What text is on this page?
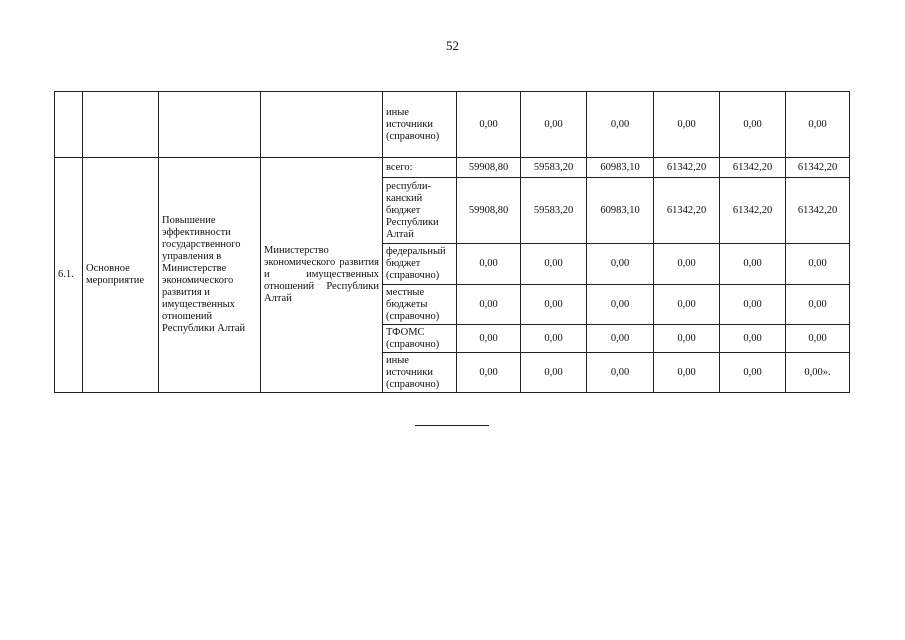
52
				иные источники (справочно)	0,00	0,00	0,00	0,00	0,00	0,00
6.1.	Основное мероприятие	Повышение эффективности государственного управления в Министерстве экономического развития и имущественных отношений Республики Алтай	Министерство экономического развития и имущественных отношений Республики Алтай	всего:	59908,80	59583,20	60983,10	61342,20	61342,20	61342,20
				республи-канский бюджет Республики Алтай	59908,80	59583,20	60983,10	61342,20	61342,20	61342,20
				федеральный бюджет (справочно)	0,00	0,00	0,00	0,00	0,00	0,00
				местные бюджеты (справочно)	0,00	0,00	0,00	0,00	0,00	0,00
				ТФОМС (справочно)	0,00	0,00	0,00	0,00	0,00	0,00
				иные источники (справочно)	0,00	0,00	0,00	0,00	0,00	0,00».
